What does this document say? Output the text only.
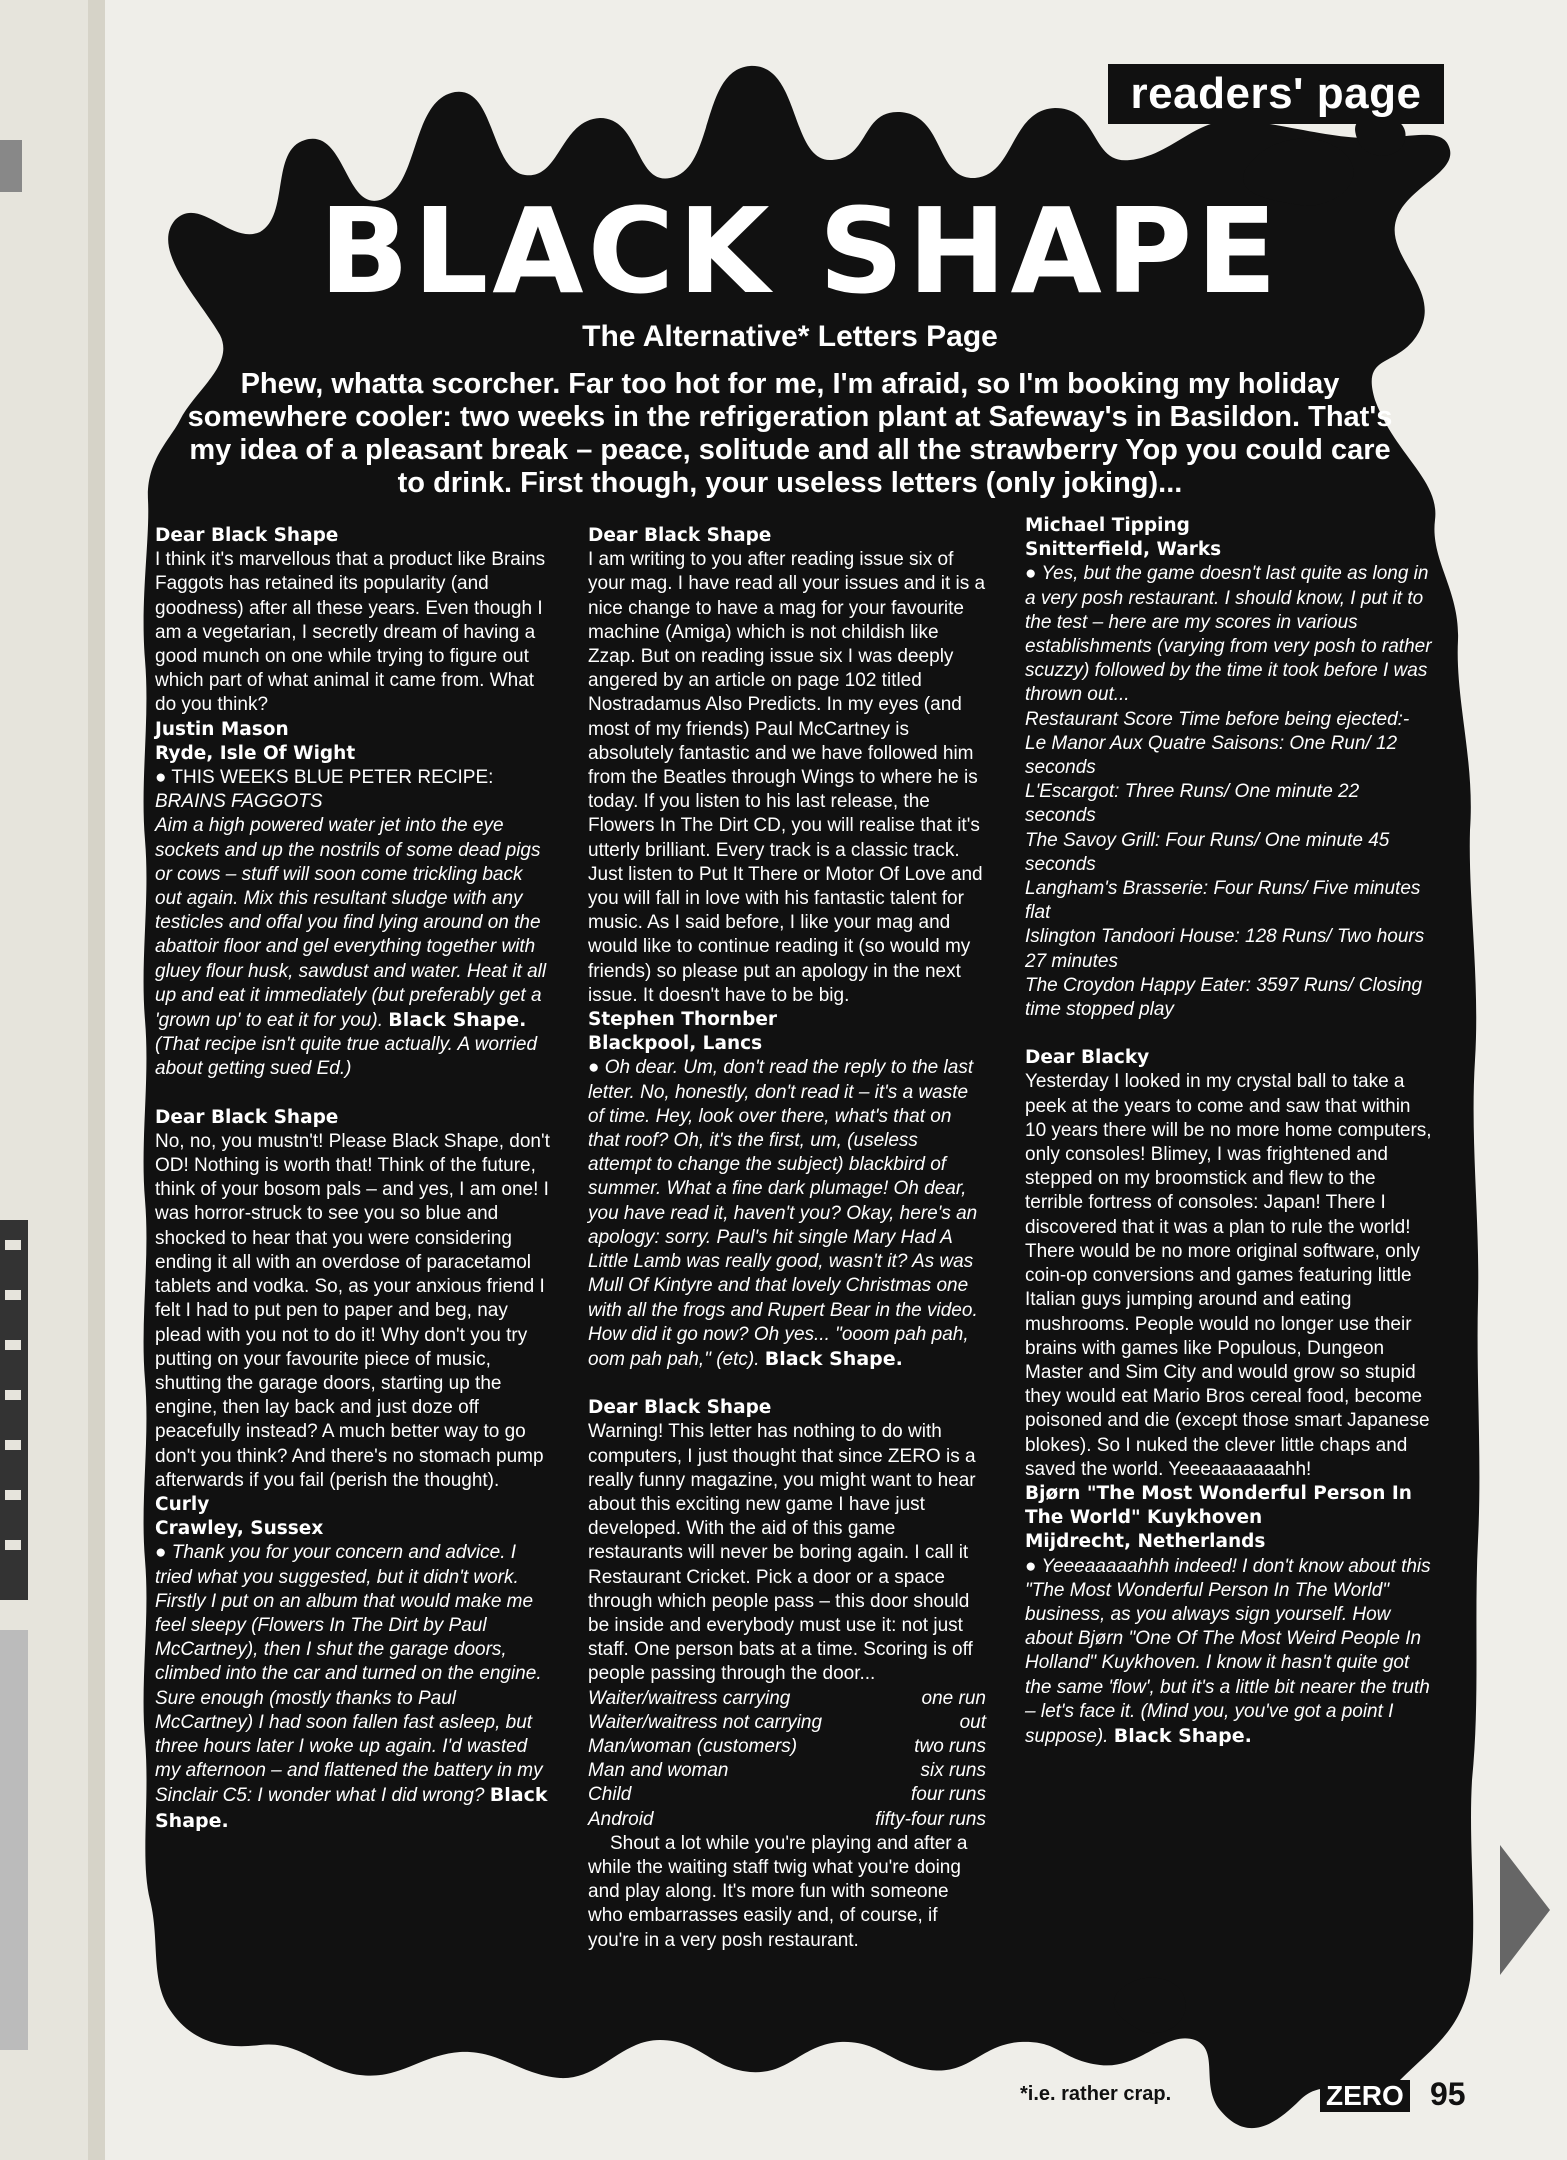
readers' page
BLACK SHAPE
The Alternative* Letters Page
Phew, whatta scorcher. Far too hot for me, I'm afraid, so I'm booking my holiday somewhere cooler: two weeks in the refrigeration plant at Safeway's in Basildon. That's my idea of a pleasant break – peace, solitude and all the strawberry Yop you could care to drink. First though, your useless letters (only joking)...
Dear Black Shape

I think it's marvellous that a product like Brains Faggots has retained its popularity (and goodness) after all these years. Even though I am a vegetarian, I secretly dream of having a good munch on one while trying to figure out which part of what animal it came from. What do you think?

Justin Mason
Ryde, Isle Of Wight

● THIS WEEKS BLUE PETER RECIPE:

BRAINS FAGGOTS

Aim a high powered water jet into the eye sockets and up the nostrils of some dead pigs or cows – stuff will soon come trickling back out again. Mix this resultant sludge with any testicles and offal you find lying around on the abattoir floor and gel everything together with gluey flour husk, sawdust and water. Heat it all up and eat it immediately (but preferably get a 'grown up' to eat it for you). Black Shape.

(That recipe isn't quite true actually. A worried about getting sued Ed.)

Dear Black Shape

No, no, you mustn't! Please Black Shape, don't OD! Nothing is worth that! Think of the future, think of your bosom pals – and yes, I am one! I was horror-struck to see you so blue and shocked to hear that you were considering ending it all with an overdose of paracetamol tablets and vodka. So, as your anxious friend I felt I had to put pen to paper and beg, nay plead with you not to do it! Why don't you try putting on your favourite piece of music, shutting the garage doors, starting up the engine, then lay back and just doze off peacefully instead? A much better way to go don't you think? And there's no stomach pump afterwards if you fail (perish the thought).

Curly
Crawley, Sussex

● Thank you for your concern and advice. I tried what you suggested, but it didn't work. Firstly I put on an album that would make me feel sleepy (Flowers In The Dirt by Paul McCartney), then I shut the garage doors, climbed into the car and turned on the engine. Sure enough (mostly thanks to Paul McCartney) I had soon fallen fast asleep, but three hours later I woke up again. I'd wasted my afternoon – and flattened the battery in my Sinclair C5: I wonder what I did wrong? Black Shape.

Dear Black Shape

I am writing to you after reading issue six of your mag. I have read all your issues and it is a nice change to have a mag for your favourite machine (Amiga) which is not childish like Zzap. But on reading issue six I was deeply angered by an article on page 102 titled Nostradamus Also Predicts. In my eyes (and most of my friends) Paul McCartney is absolutely fantastic and we have followed him from the Beatles through Wings to where he is today. If you listen to his last release, the Flowers In The Dirt CD, you will realise that it's utterly brilliant. Every track is a classic track. Just listen to Put It There or Motor Of Love and you will fall in love with his fantastic talent for music. As I said before, I like your mag and would like to continue reading it (so would my friends) so please put an apology in the next issue. It doesn't have to be big.

Stephen Thornber
Blackpool, Lancs

● Oh dear. Um, don't read the reply to the last letter. No, honestly, don't read it – it's a waste of time. Hey, look over there, what's that on that roof? Oh, it's the first, um, (useless attempt to change the subject) blackbird of summer. What a fine dark plumage! Oh dear, you have read it, haven't you? Okay, here's an apology: sorry. Paul's hit single Mary Had A Little Lamb was really good, wasn't it? As was Mull Of Kintyre and that lovely Christmas one with all the frogs and Rupert Bear in the video. How did it go now? Oh yes... "ooom pah pah, oom pah pah," (etc). Black Shape.

Dear Black Shape

Warning! This letter has nothing to do with computers, I just thought that since ZERO is a really funny magazine, you might want to hear about this exciting new game I have just developed. With the aid of this game restaurants will never be boring again. I call it Restaurant Cricket. Pick a door or a space through which people pass – this door should be inside and everybody must use it: not just staff. One person bats at a time. Scoring is off people passing through the door...

Waiter/waitress carrying	one run
Waiter/waitress not carrying	out
Man/woman (customers)	two runs
Man and woman	six runs
Child	four runs
Android	fifty-four runs

Shout a lot while you're playing and after a while the waiting staff twig what you're doing and play along. It's more fun with someone who embarrasses easily and, of course, if you're in a very posh restaurant.

Michael Tipping
Snitterfield, Warks

● Yes, but the game doesn't last quite as long in a very posh restaurant. I should know, I put it to the test – here are my scores in various establishments (varying from very posh to rather scuzzy) followed by the time it took before I was thrown out...

Restaurant Score Time before being ejected:-

Le Manor Aux Quatre Saisons: One Run/ 12 seconds

L'Escargot: Three Runs/ One minute 22 seconds

The Savoy Grill: Four Runs/ One minute 45 seconds

Langham's Brasserie: Four Runs/ Five minutes flat

Islington Tandoori House: 128 Runs/ Two hours 27 minutes

The Croydon Happy Eater: 3597 Runs/ Closing time stopped play

Dear Blacky

Yesterday I looked in my crystal ball to take a peek at the years to come and saw that within 10 years there will be no more home computers, only consoles! Blimey, I was frightened and stepped on my broomstick and flew to the terrible fortress of consoles: Japan! There I discovered that it was a plan to rule the world! There would be no more original software, only coin-op conversions and games featuring little Italian guys jumping around and eating mushrooms. People would no longer use their brains with games like Populous, Dungeon Master and Sim City and would grow so stupid they would eat Mario Bros cereal food, become poisoned and die (except those smart Japanese blokes). So I nuked the clever little chaps and saved the world. Yeeeaaaaaaahh!

Bjørn "The Most Wonderful Person In The World" Kuykhoven
Mijdrecht, Netherlands

● Yeeeaaaaahhh indeed! I don't know about this "The Most Wonderful Person In The World" business, as you always sign yourself. How about Bjørn "One Of The Most Weird People In Holland" Kuykhoven. I know it hasn't quite got the same 'flow', but it's a little bit nearer the truth – let's face it. (Mind you, you've got a point I suppose). Black Shape.

*i.e. rather crap.	ZERO 95
